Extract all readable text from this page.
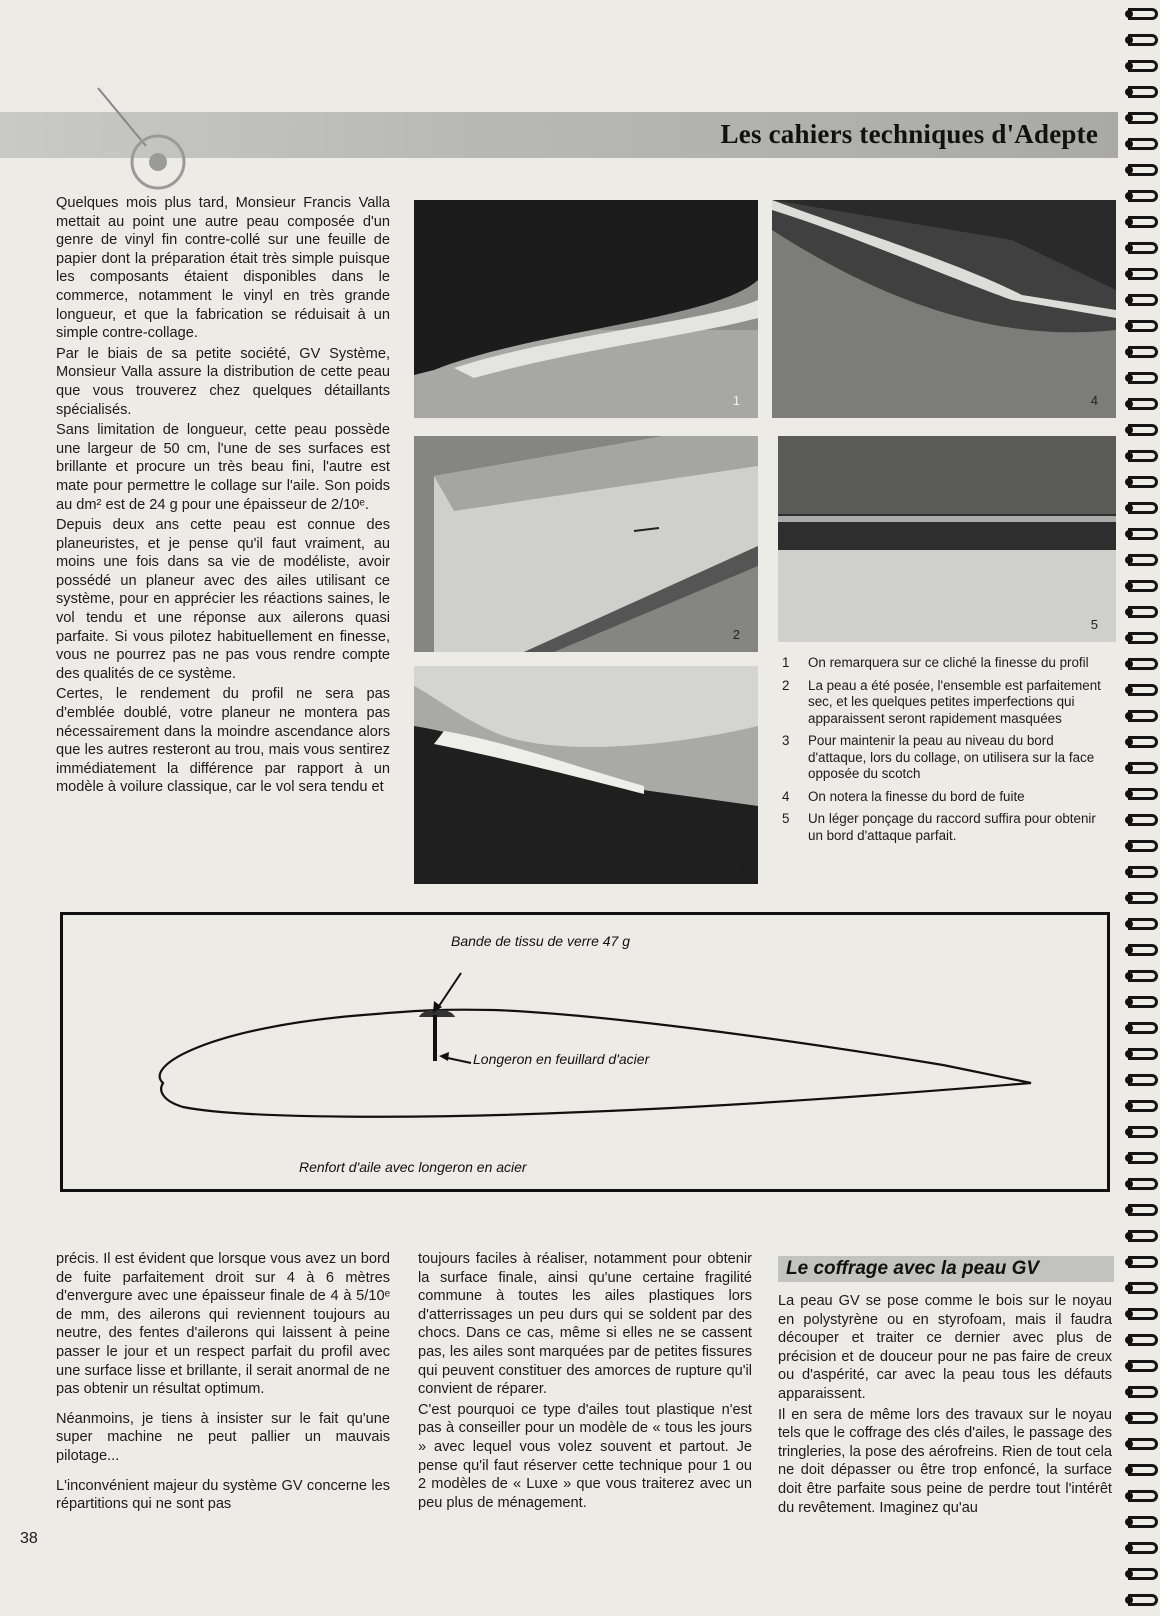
Les cahiers techniques d'Adepte

Quelques mois plus tard, Monsieur Francis Valla mettait au point une autre peau composée d'un genre de vinyl fin contre-collé sur une feuille de papier dont la préparation était très simple puisque les composants étaient disponibles dans le commerce, notamment le vinyl en très grande longueur, et que la fabrication se réduisait à un simple contre-collage.

Par le biais de sa petite société, GV Système, Monsieur Valla assure la distribution de cette peau que vous trouverez chez quelques détaillants spécialisés.

Sans limitation de longueur, cette peau possède une largeur de 50 cm, l'une de ses surfaces est brillante et procure un très beau fini, l'autre est mate pour permettre le collage sur l'aile. Son poids au dm² est de 24 g pour une épaisseur de 2/10ᵉ.

Depuis deux ans cette peau est connue des planeuristes, et je pense qu'il faut vraiment, au moins une fois dans sa vie de modéliste, avoir possédé un planeur avec des ailes utilisant ce système, pour en apprécier les réactions saines, le vol tendu et une réponse aux ailerons quasi parfaite. Si vous pilotez habituellement en finesse, vous ne pourrez pas ne pas vous rendre compte des qualités de ce système.

Certes, le rendement du profil ne sera pas d'emblée doublé, votre planeur ne montera pas nécessairement dans la moindre ascendance alors que les autres resteront au trou, mais vous sentirez immédiatement la différence par rapport à un modèle à voilure classique, car le vol sera tendu et

1	4
2
5
3
1	On remarquera sur ce cliché la finesse du profil
2	La peau a été posée, l'ensemble est parfaitement sec, et les quelques petites imperfections qui apparaissent seront rapidement masquées
3	Pour maintenir la peau au niveau du bord d'attaque, lors du collage, on utilisera sur la face opposée du scotch
4	On notera la finesse du bord de fuite
5	Un léger ponçage du raccord suffira pour obtenir un bord d'attaque parfait.
Bande de tissu de verre 47 g
Longeron en feuillard d'acier
Renfort d'aile avec longeron en acier

précis. Il est évident que lorsque vous avez un bord de fuite parfaitement droit sur 4 à 6 mètres d'envergure avec une épaisseur finale de 4 à 5/10ᵉ de mm, des ailerons qui reviennent toujours au neutre, des fentes d'ailerons qui laissent à peine passer le jour et un respect parfait du profil avec une surface lisse et brillante, il serait anormal de ne pas obtenir un résultat optimum.

Néanmoins, je tiens à insister sur le fait qu'une super machine ne peut pallier un mauvais pilotage...

L'inconvénient majeur du système GV concerne les répartitions qui ne sont pas

toujours faciles à réaliser, notamment pour obtenir la surface finale, ainsi qu'une certaine fragilité commune à toutes les ailes plastiques lors d'atterrissages un peu durs qui se soldent par des chocs. Dans ce cas, même si elles ne se cassent pas, les ailes sont marquées par de petites fissures qui peuvent constituer des amorces de rupture qu'il convient de réparer.

C'est pourquoi ce type d'ailes tout plastique n'est pas à conseiller pour un modèle de « tous les jours » avec lequel vous volez souvent et partout. Je pense qu'il faut réserver cette technique pour 1 ou 2 modèles de « Luxe » que vous traiterez avec un peu plus de ménagement.

Le coffrage avec la peau GV

La peau GV se pose comme le bois sur le noyau en polystyrène ou en styrofoam, mais il faudra découper et traiter ce dernier avec plus de précision et de douceur pour ne pas faire de creux ou d'aspérité, car avec la peau tous les défauts apparaissent.

Il en sera de même lors des travaux sur le noyau tels que le coffrage des clés d'ailes, le passage des tringleries, la pose des aérofreins. Rien de tout cela ne doit dépasser ou être trop enfoncé, la surface doit être parfaite sous peine de perdre tout l'intérêt du revêtement. Imaginez qu'au

38
